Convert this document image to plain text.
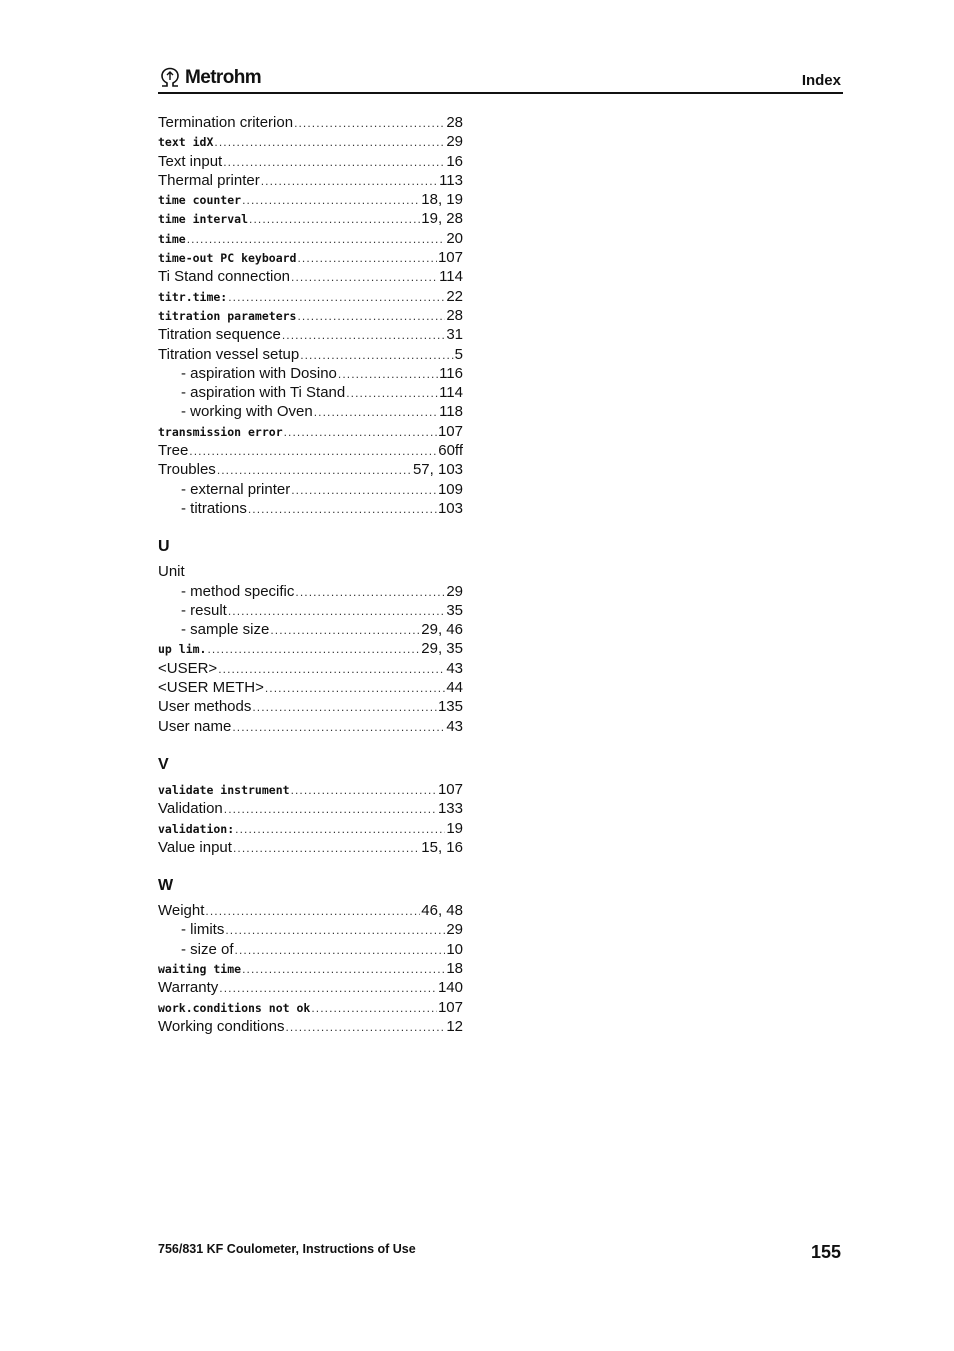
Metrohm	Index
Termination criterion .....	28
text idX .....	29
Text input .....	16
Thermal printer .....	113
time counter .....	18, 19
time interval .....	19, 28
time .....	20
time-out PC keyboard .....	107
Ti Stand connection .....	114
titr.time: .....	22
titration parameters .....	28
Titration sequence .....	31
Titration vessel setup .....	5
- aspiration with Dosino .....	116
- aspiration with Ti Stand .....	114
- working with Oven .....	118
transmission error .....	107
Tree .....	60ff
Troubles .....	57, 103
- external printer .....	109
- titrations .....	103
U
Unit
- method specific .....	29
- result .....	35
- sample size .....	29, 46
up lim. .....	29, 35
<USER> .....	43
<USER METH> .....	44
User methods .....	135
User name .....	43
V
validate instrument .....	107
Validation .....	133
validation: .....	19
Value input .....	15, 16
W
Weight .....	46, 48
- limits .....	29
- size of .....	10
waiting time .....	18
Warranty .....	140
work.conditions not ok .....	107
Working conditions .....	12
756/831 KF Coulometer, Instructions of Use	155
